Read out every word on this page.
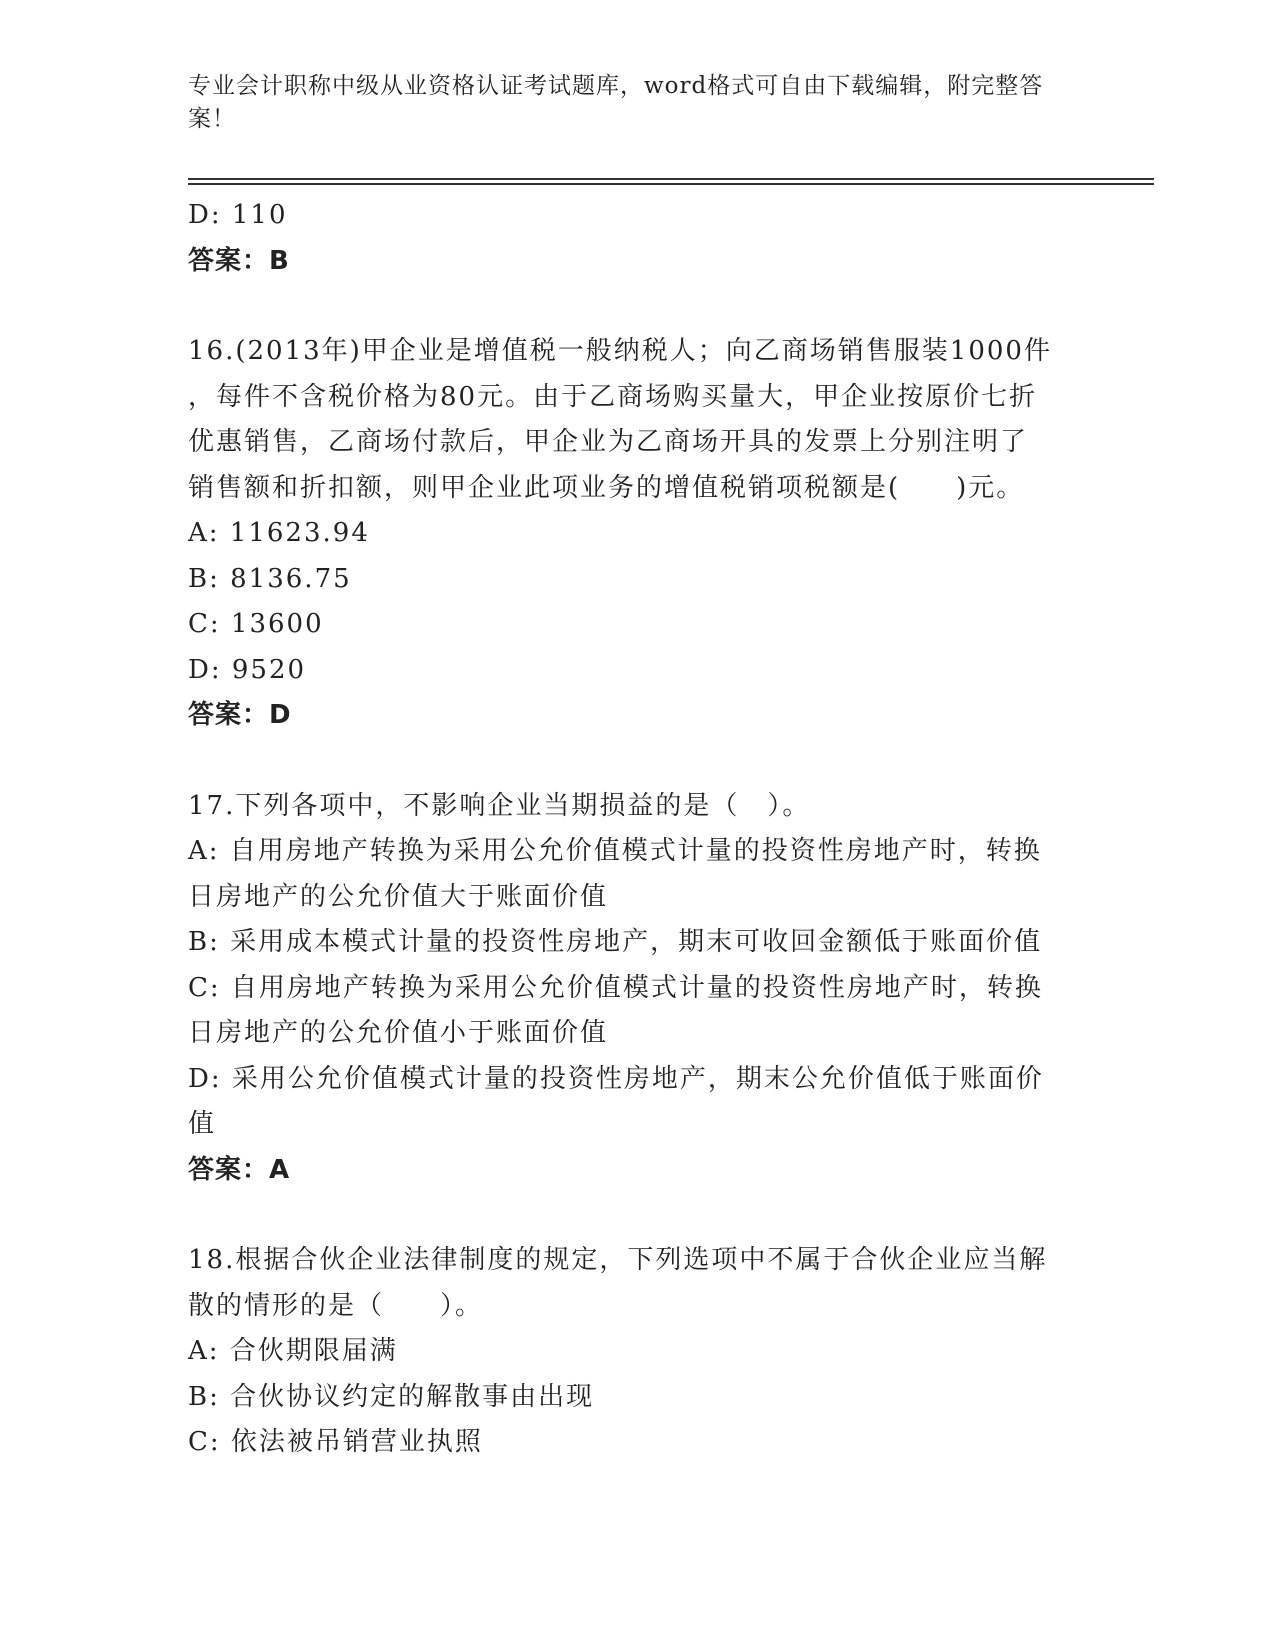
专业会计职称中级从业资格认证考试题库，word格式可自由下载编辑，附完整答案！
D: 110
答案：B
16.(2013年)甲企业是增值税一般纳税人；向乙商场销售服装1000件
，每件不含税价格为80元。由于乙商场购买量大，甲企业按原价七折
优惠销售，乙商场付款后，甲企业为乙商场开具的发票上分别注明了
销售额和折扣额，则甲企业此项业务的增值税销项税额是(　　)元。
A: 11623.94
B: 8136.75
C: 13600
D: 9520
答案：D
17.下列各项中，不影响企业当期损益的是（　）。
A: 自用房地产转换为采用公允价值模式计量的投资性房地产时，转换
日房地产的公允价值大于账面价值
B: 采用成本模式计量的投资性房地产，期末可收回金额低于账面价值
C: 自用房地产转换为采用公允价值模式计量的投资性房地产时，转换
日房地产的公允价值小于账面价值
D: 采用公允价值模式计量的投资性房地产，期末公允价值低于账面价
值
答案：A
18.根据合伙企业法律制度的规定，下列选项中不属于合伙企业应当解
散的情形的是（　　）。
A: 合伙期限届满
B: 合伙协议约定的解散事由出现
C: 依法被吊销营业执照
